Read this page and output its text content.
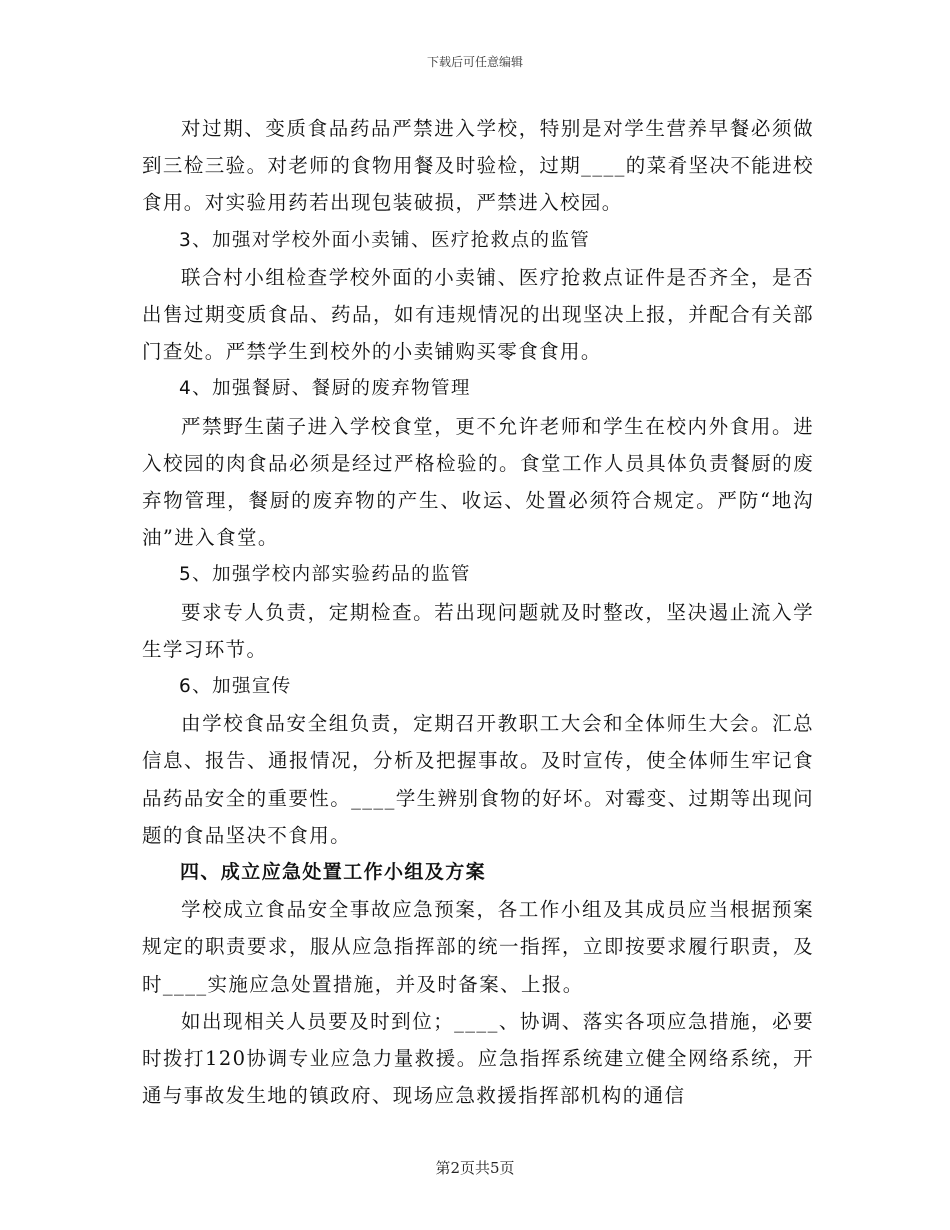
下载后可任意编辑

对过期、变质食品药品严禁进入学校，特别是对学生营养早餐必须做到三检三验。对老师的食物用餐及时验检，过期____的菜肴坚决不能进校食用。对实验用药若出现包装破损，严禁进入校园。

3、加强对学校外面小卖铺、医疗抢救点的监管

联合村小组检查学校外面的小卖铺、医疗抢救点证件是否齐全，是否出售过期变质食品、药品，如有违规情况的出现坚决上报，并配合有关部门查处。严禁学生到校外的小卖铺购买零食食用。

4、加强餐厨、餐厨的废弃物管理

严禁野生菌子进入学校食堂，更不允许老师和学生在校内外食用。进入校园的肉食品必须是经过严格检验的。食堂工作人员具体负责餐厨的废弃物管理，餐厨的废弃物的产生、收运、处置必须符合规定。严防“地沟油”进入食堂。

5、加强学校内部实验药品的监管

要求专人负责，定期检查。若出现问题就及时整改，坚决遏止流入学生学习环节。

6、加强宣传

由学校食品安全组负责，定期召开教职工大会和全体师生大会。汇总信息、报告、通报情况，分析及把握事故。及时宣传，使全体师生牢记食品药品安全的重要性。____学生辨别食物的好坏。对霉变、过期等出现问题的食品坚决不食用。

四、成立应急处置工作小组及方案

学校成立食品安全事故应急预案，各工作小组及其成员应当根据预案规定的职责要求，服从应急指挥部的统一指挥，立即按要求履行职责，及时____实施应急处置措施，并及时备案、上报。

如出现相关人员要及时到位；____、协调、落实各项应急措施，必要时拨打120协调专业应急力量救援。应急指挥系统建立健全网络系统，开通与事故发生地的镇政府、现场应急救援指挥部机构的通信

第2页共5页
